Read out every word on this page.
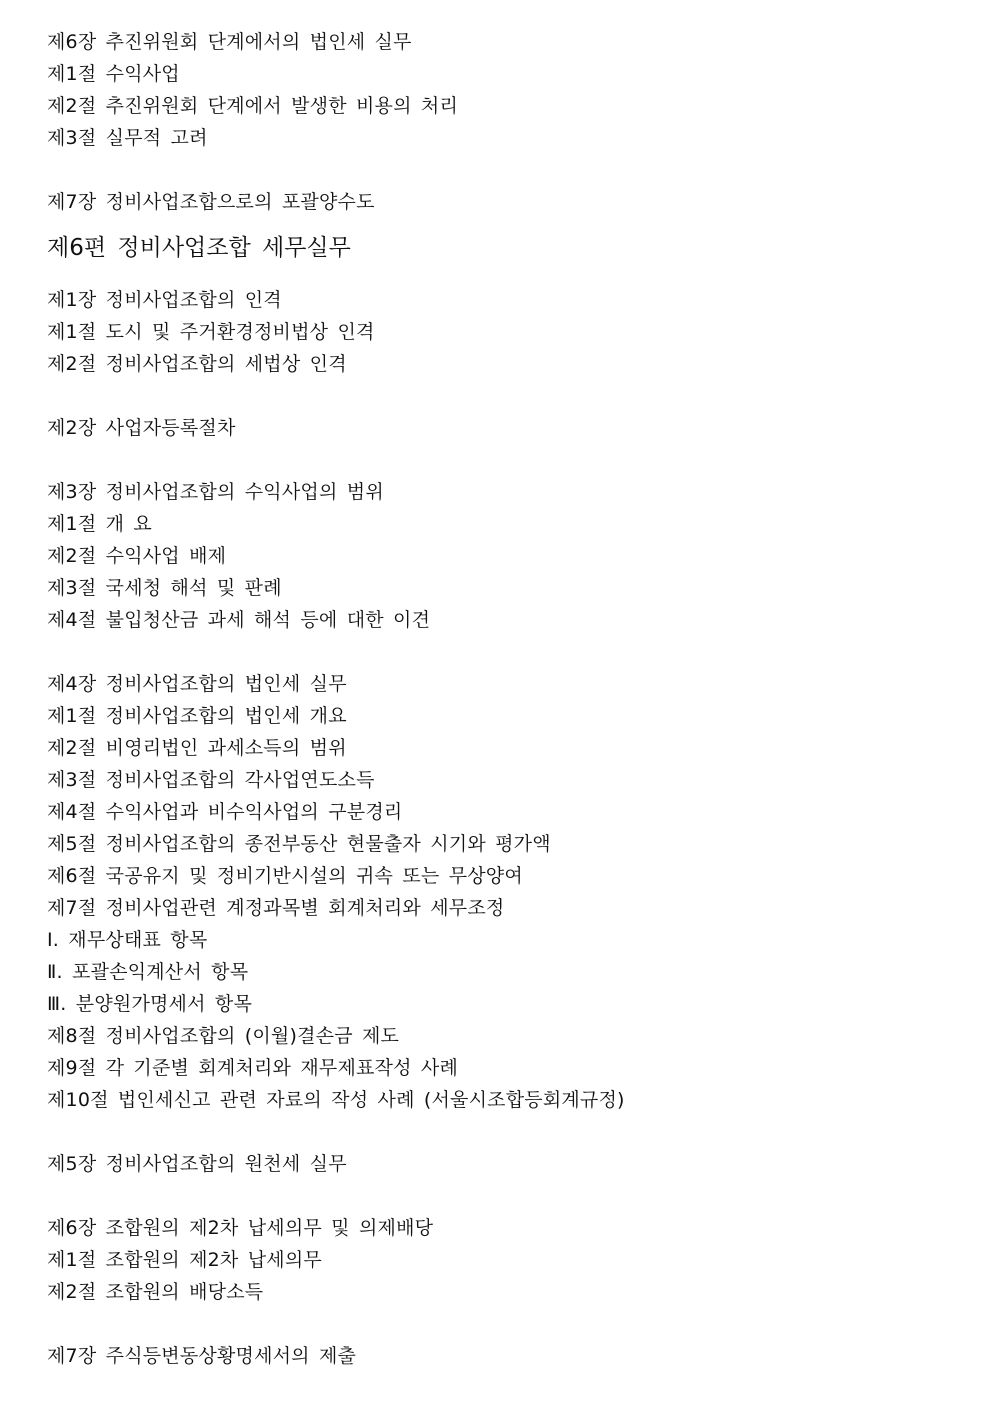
제6장 추진위원회 단계에서의 법인세 실무
제1절 수익사업
제2절 추진위원회 단계에서 발생한 비용의 처리
제3절 실무적 고려
제7장 정비사업조합으로의 포괄양수도
제6편 정비사업조합 세무실무
제1장 정비사업조합의 인격
제1절 도시 및 주거환경정비법상 인격
제2절 정비사업조합의 세법상 인격
제2장 사업자등록절차
제3장 정비사업조합의 수익사업의 범위
제1절 개 요
제2절 수익사업 배제
제3절 국세청 해석 및 판례
제4절 불입청산금 과세 해석 등에 대한 이견
제4장 정비사업조합의 법인세 실무
제1절 정비사업조합의 법인세 개요
제2절 비영리법인 과세소득의 범위
제3절 정비사업조합의 각사업연도소득
제4절 수익사업과 비수익사업의 구분경리
제5절 정비사업조합의 종전부동산 현물출자 시기와 평가액
제6절 국공유지 및 정비기반시설의 귀속 또는 무상양여
제7절 정비사업관련 계정과목별 회계처리와 세무조정
Ⅰ. 재무상태표 항목
Ⅱ. 포괄손익계산서 항목
Ⅲ. 분양원가명세서 항목
제8절 정비사업조합의 (이월)결손금 제도
제9절 각 기준별 회계처리와 재무제표작성 사례
제10절 법인세신고 관련 자료의 작성 사례 (서울시조합등회계규정)
제5장 정비사업조합의 원천세 실무
제6장 조합원의 제2차 납세의무 및 의제배당
제1절 조합원의 제2차 납세의무
제2절 조합원의 배당소득
제7장 주식등변동상황명세서의 제출
